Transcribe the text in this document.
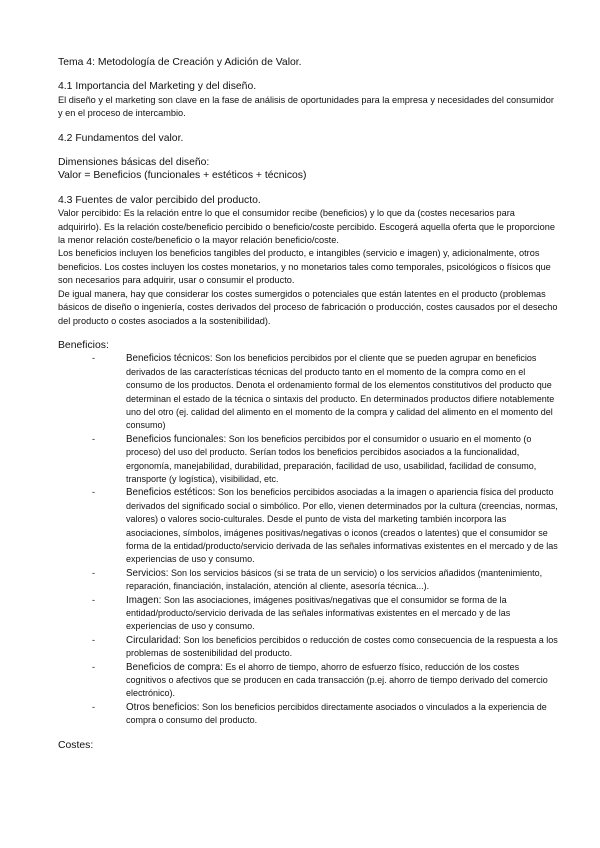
Tema 4: Metodología de Creación y Adición de Valor.

4.1 Importancia del Marketing y del diseño.

El diseño y el marketing son clave en la fase de análisis de oportunidades para la empresa y necesidades del consumidor y en el proceso de intercambio.

4.2 Fundamentos del valor.

Dimensiones básicas del diseño:

Valor = Beneficios (funcionales + estéticos + técnicos)

4.3 Fuentes de valor percibido del producto.

Valor percibido: Es la relación entre lo que el consumidor recibe (beneficios) y lo que da (costes necesarios para adquirirlo). Es la relación coste/beneficio percibido o beneficio/coste percibido. Escogerá aquella oferta que le proporcione la menor relación coste/beneficio o la mayor relación beneficio/coste.

Los beneficios incluyen los beneficios tangibles del producto, e intangibles (servicio e imagen) y, adicionalmente, otros beneficios. Los costes incluyen los costes monetarios, y no monetarios tales como temporales, psicológicos o físicos que son necesarios para adquirir, usar o consumir el producto.

De igual manera, hay que considerar los costes sumergidos o potenciales que están latentes en el producto (problemas básicos de diseño o ingeniería, costes derivados del proceso de fabricación o producción, costes causados por el desecho del producto o costes asociados a la sostenibilidad).

Beneficios:

- Beneficios técnicos: Son los beneficios percibidos por el cliente que se pueden agrupar en beneficios derivados de las características técnicas del producto tanto en el momento de la compra como en el consumo de los productos. Denota el ordenamiento formal de los elementos constitutivos del producto que determinan el estado de la técnica o sintaxis del producto. En determinados productos difiere notablemente uno del otro (ej. calidad del alimento en el momento de la compra y calidad del alimento en el momento del consumo)
- Beneficios funcionales: Son los beneficios percibidos por el consumidor o usuario en el momento (o proceso) del uso del producto. Serían todos los beneficios percibidos asociados a la funcionalidad, ergonomía, manejabilidad, durabilidad, preparación, facilidad de uso, usabilidad, facilidad de consumo, transporte (y logística), visibilidad, etc.
- Beneficios estéticos: Son los beneficios percibidos asociadas a la imagen o apariencia física del producto derivados del significado social o simbólico. Por ello, vienen determinados por la cultura (creencias, normas, valores) o valores socio-culturales. Desde el punto de vista del marketing también incorpora las asociaciones, símbolos, imágenes positivas/negativas o iconos (creados o latentes) que el consumidor se forma de la entidad/producto/servicio derivada de las señales informativas existentes en el mercado y de las experiencias de uso y consumo.
- Servicios: Son los servicios básicos (si se trata de un servicio) o los servicios añadidos (mantenimiento, reparación, financiación, instalación, atención al cliente, asesoría técnica...).
- Imagen: Son las asociaciones, imágenes positivas/negativas que el consumidor se forma de la entidad/producto/servicio derivada de las señales informativas existentes en el mercado y de las experiencias de uso y consumo.
- Circularidad: Son los beneficios percibidos o reducción de costes como consecuencia de la respuesta a los problemas de sostenibilidad del producto.
- Beneficios de compra: Es el ahorro de tiempo, ahorro de esfuerzo físico, reducción de los costes cognitivos o afectivos que se producen en cada transacción (p.ej. ahorro de tiempo derivado del comercio electrónico).
- Otros beneficios: Son los beneficios percibidos directamente asociados o vinculados a la experiencia de compra o consumo del producto.

Costes:
